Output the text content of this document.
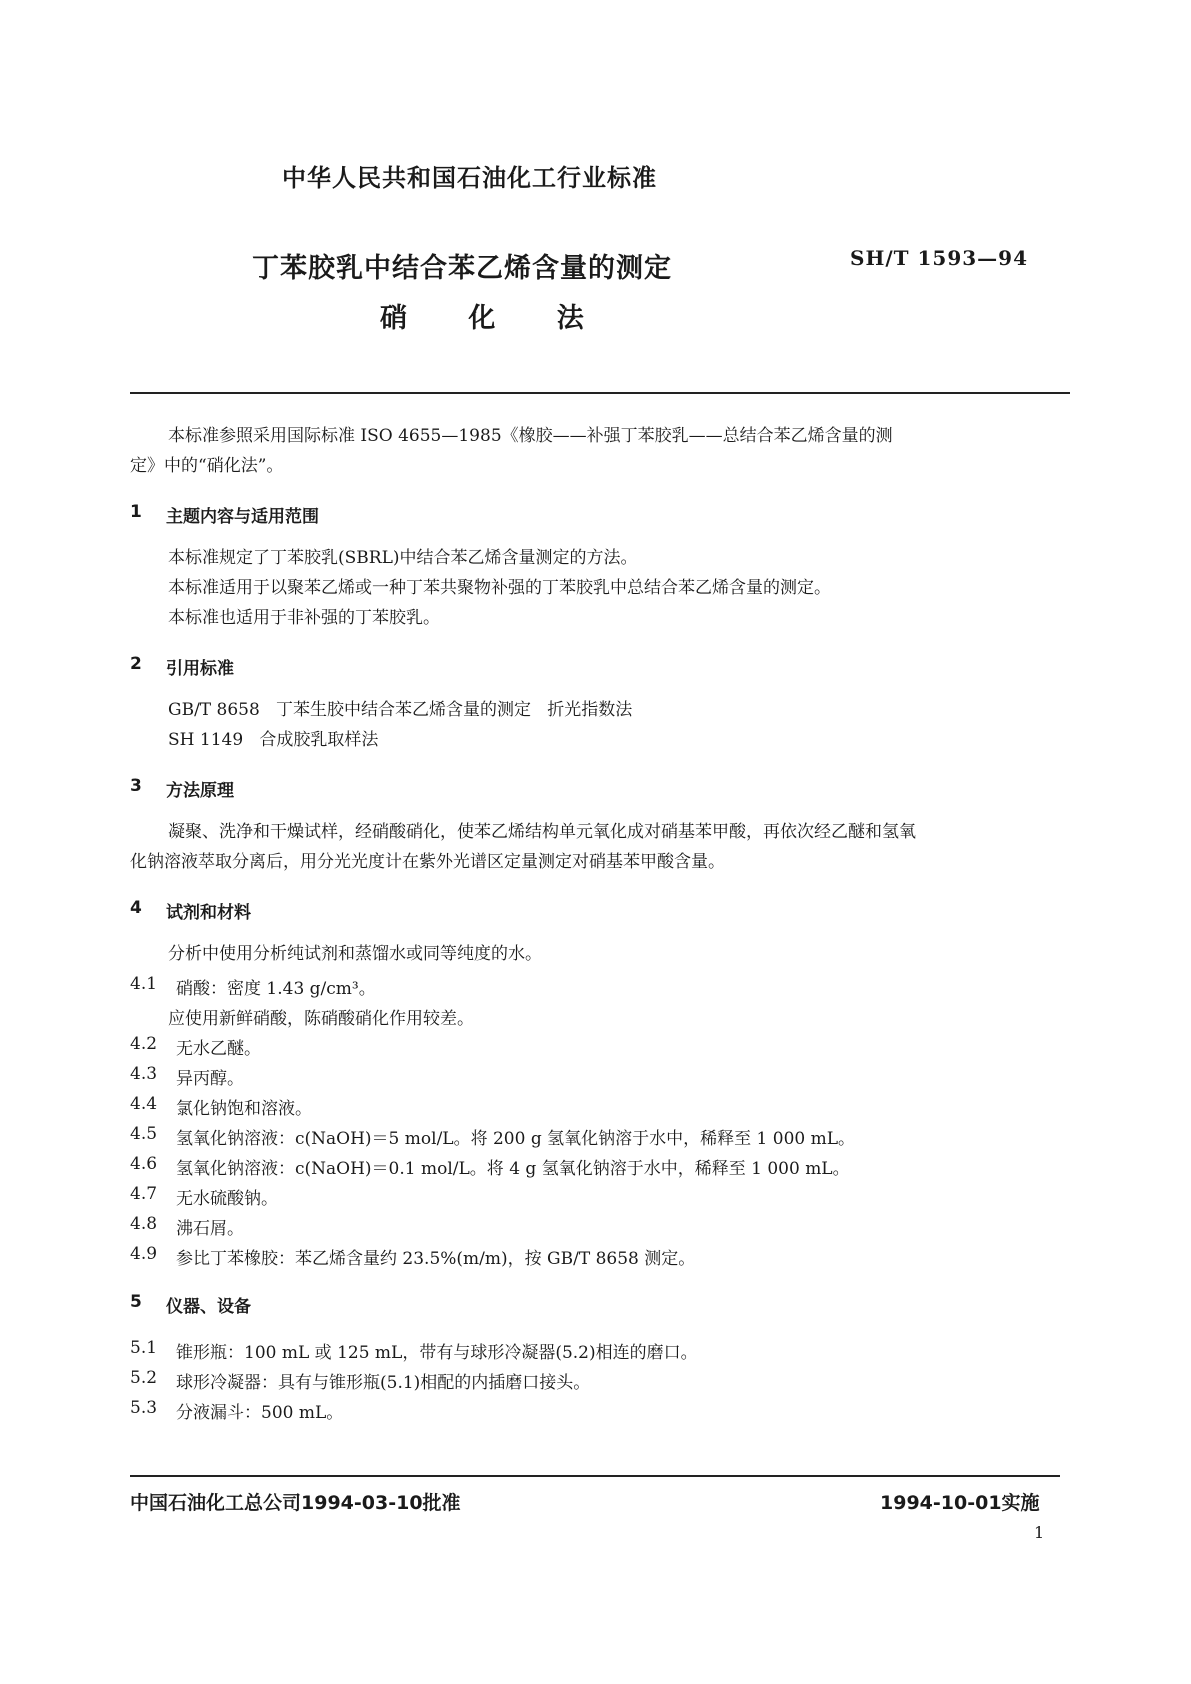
中华人民共和国石油化工行业标准
丁苯胶乳中结合苯乙烯含量的测定
硝 化 法
SH/T 1593—94
本标准参照采用国际标准 ISO 4655—1985《橡胶——补强丁苯胶乳——总结合苯乙烯含量的测
定》中的“硝化法”。
1 主题内容与适用范围
本标准规定了丁苯胶乳(SBRL)中结合苯乙烯含量测定的方法。
本标准适用于以聚苯乙烯或一种丁苯共聚物补强的丁苯胶乳中总结合苯乙烯含量的测定。
本标准也适用于非补强的丁苯胶乳。
2 引用标准
GB/T 8658   丁苯生胶中结合苯乙烯含量的测定   折光指数法
SH 1149   合成胶乳取样法
3 方法原理
凝聚、洗净和干燥试样，经硝酸硝化，使苯乙烯结构单元氧化成对硝基苯甲酸，再依次经乙醚和氢氧
化钠溶液萃取分离后，用分光光度计在紫外光谱区定量测定对硝基苯甲酸含量。
4 试剂和材料
分析中使用分析纯试剂和蒸馏水或同等纯度的水。
4.1 硝酸：密度 1.43 g/cm³。
应使用新鲜硝酸，陈硝酸硝化作用较差。
4.2 无水乙醚。
4.3 异丙醇。
4.4 氯化钠饱和溶液。
4.5 氢氧化钠溶液：c(NaOH)＝5 mol/L。将 200 g 氢氧化钠溶于水中，稀释至 1 000 mL。
4.6 氢氧化钠溶液：c(NaOH)＝0.1 mol/L。将 4 g 氢氧化钠溶于水中，稀释至 1 000 mL。
4.7 无水硫酸钠。
4.8 沸石屑。
4.9 参比丁苯橡胶：苯乙烯含量约 23.5%(m/m)，按 GB/T 8658 测定。
5 仪器、设备
5.1 锥形瓶：100 mL 或 125 mL，带有与球形冷凝器(5.2)相连的磨口。
5.2 球形冷凝器：具有与锥形瓶(5.1)相配的内插磨口接头。
5.3 分液漏斗：500 mL。
中国石油化工总公司1994-03-10批准	1994-10-01实施
1
